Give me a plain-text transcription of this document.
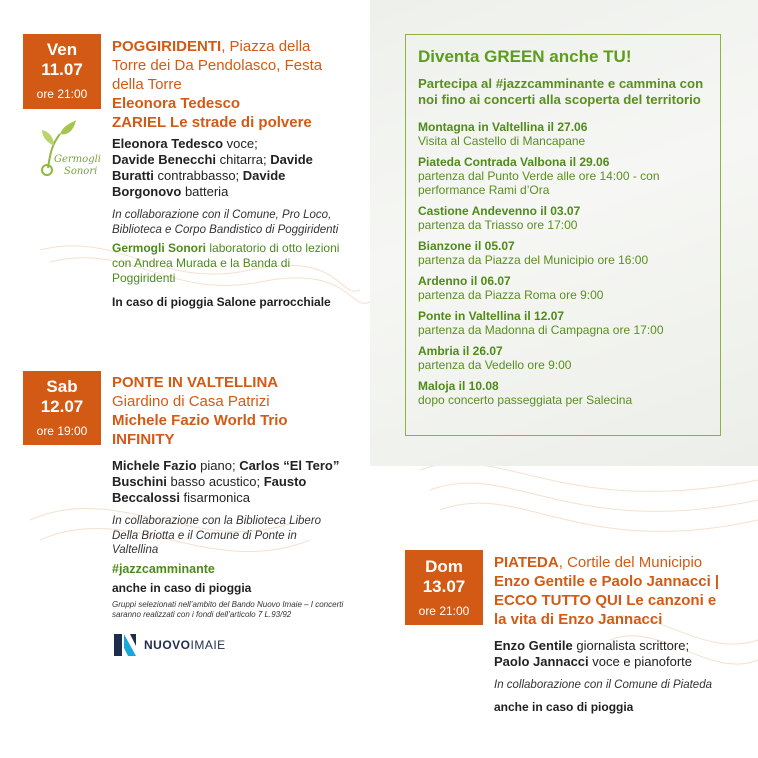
Diventa GREEN anche TU!
Partecipa al #jazzcamminante e cammina con noi fino ai concerti alla scoperta del territorio
Montagna in Valtellina il 27.06
Visita al Castello di Mancapane
Piateda Contrada Valbona il 29.06
partenza dal Punto Verde alle ore 14:00 - con performance Rami d’Ora
Castione Andevenno il 03.07
partenza da Triasso ore 17:00
Bianzone il 05.07
partenza da Piazza del Municipio ore 16:00
Ardenno il 06.07
partenza da Piazza Roma ore 9:00
Ponte in Valtellina il 12.07
partenza da Madonna di Campagna ore 17:00
Ambria il 26.07
partenza da Vedello ore 9:00
Maloja il 10.08
dopo concerto passeggiata per Salecina
Ven
11.07
ore 21:00
POGGIRIDENTI, Piazza della Torre dei Da Pendolasco, Festa della Torre
Eleonora Tedesco
ZARIEL Le strade di polvere
Eleonora Tedesco voce;
Davide Benecchi chitarra; Davide Buratti contrabbasso; Davide Borgonovo batteria
In collaborazione con il Comune, Pro Loco, Biblioteca e Corpo Bandistico di Poggiridenti
Germogli Sonori laboratorio di otto lezioni con Andrea Murada e la Banda di Poggiridenti
In caso di pioggia Salone parrocchiale
Germogli
Sonori
Sab
12.07
ore 19:00
PONTE IN VALTELLINA
Giardino di Casa Patrizi
Michele Fazio World Trio INFINITY
Michele Fazio piano; Carlos “El Tero” Buschini basso acustico; Fausto Beccalossi fisarmonica
In collaborazione con la Biblioteca Libero Della Briotta e il Comune di Ponte in Valtellina
#jazzcamminante
anche in caso di pioggia
Gruppi selezionati nell’ambito del Bando Nuovo Imaie – I concerti saranno realizzati con i fondi dell’articolo 7 L.93/92
NUOVOIMAIE
Dom
13.07
ore 21:00
PIATEDA, Cortile del Municipio
Enzo Gentile e Paolo Jannacci | ECCO TUTTO QUI Le canzoni e la vita di Enzo Jannacci
Enzo Gentile giornalista scrittore;
Paolo Jannacci voce e pianoforte
In collaborazione con il Comune di Piateda
anche in caso di pioggia
